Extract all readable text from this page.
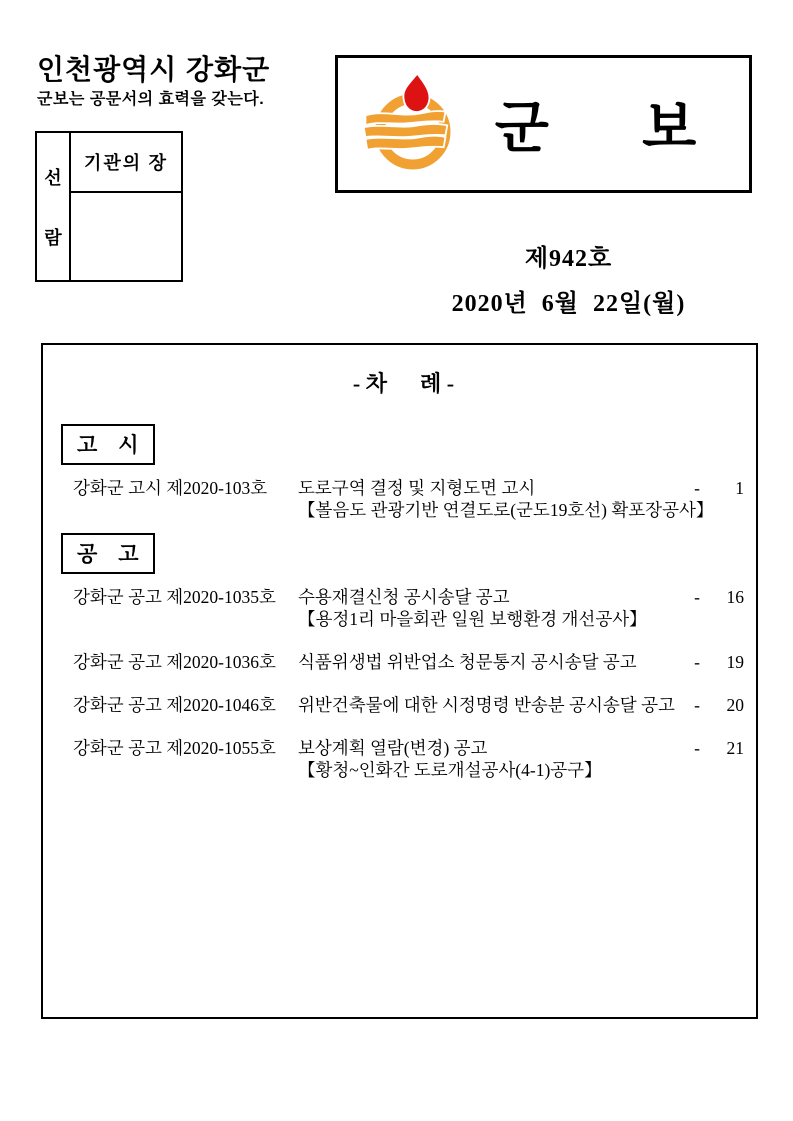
인천광역시 강화군

군보는 공문서의 효력을 갖는다.

선
람
기관의 장
군      보
제942호
2020년  6월  22일(월)
- 차      례 -
고    시
강화군 고시 제2020-103호	도로구역 결정 및 지형도면 고시	-	1
【볼음도 관광기반 연결도로(군도19호선) 확포장공사】
공    고
강화군 공고 제2020-1035호	수용재결신청 공시송달 공고	-	16
【용정1리 마을회관 일원 보행환경 개선공사】
강화군 공고 제2020-1036호	식품위생법 위반업소 청문통지 공시송달 공고	-	19
강화군 공고 제2020-1046호	위반건축물에 대한 시정명령 반송분 공시송달 공고	-	20
강화군 공고 제2020-1055호	보상계획 열람(변경) 공고	-	21
【황청~인화간 도로개설공사(4-1)공구】
